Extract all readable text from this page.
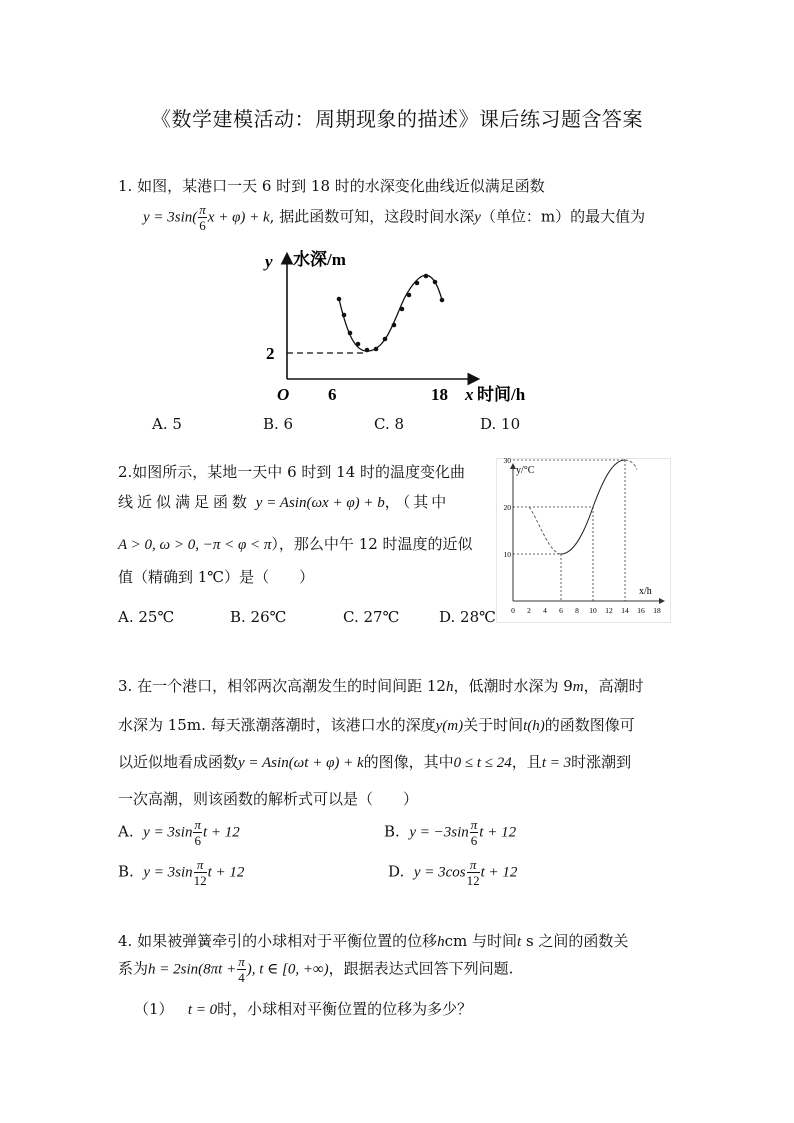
《数学建模活动：周期现象的描述》课后练习题含答案
1. 如图，某港口一天 6 时到 18 时的水深变化曲线近似满足函数
$y = 3\sin( \frac{\pi}{6}$ x + φ) + k, 据此函数可知，这段时间水深y（单位：m）的最大值为
y 水深/m
2
O 6	18 x 时间/h
A. 5	B. 6	C. 8	D. 10
2.如图所示，某地一天中 6 时到 14 时的温度变化曲
线近似满足函数 y = Asin(ωx + φ) + b，（其中
A > 0, ω > 0, −π < φ < π），那么中午 12 时温度的近似
值（精确到 1℃）是（　　）
A. 25℃	B. 26℃	C. 27℃	D. 28℃
y/°C
x/h
0 2 4 6 8 10 12 14 16 18
10
20
30
3. 在一个港口，相邻两次高潮发生的时间间距 12h，低潮时水深为 9m，高潮时
水深为 15m. 每天涨潮落潮时，该港口水的深度y(m)关于时间t(h)的函数图像可
以近似地看成函数y = Asin(ωt + φ) + k的图像，其中0 ≤ t ≤ 24，且t = 3时涨潮到
一次高潮，则该函数的解析式可以是（　　）
A. $y = 3\sin \frac{\pi}{6}$ t + 12	B. $y = -3\sin \frac{\pi}{6}$ t + 12
B. $y = 3\sin \frac{\pi}{12}$ t + 12	D. $y = 3\cos \frac{\pi}{12}$ t + 12
4. 如果被弹簧牵引的小球相对于平衡位置的位移hcm 与时间t s 之间的函数关
系为$h = 2\sin(8\pi t + \frac{\pi}{4}$ ), t ∈ [0, +∞)，跟据表达式回答下列问题.
（1） t = 0时，小球相对平衡位置的位移为多少？
